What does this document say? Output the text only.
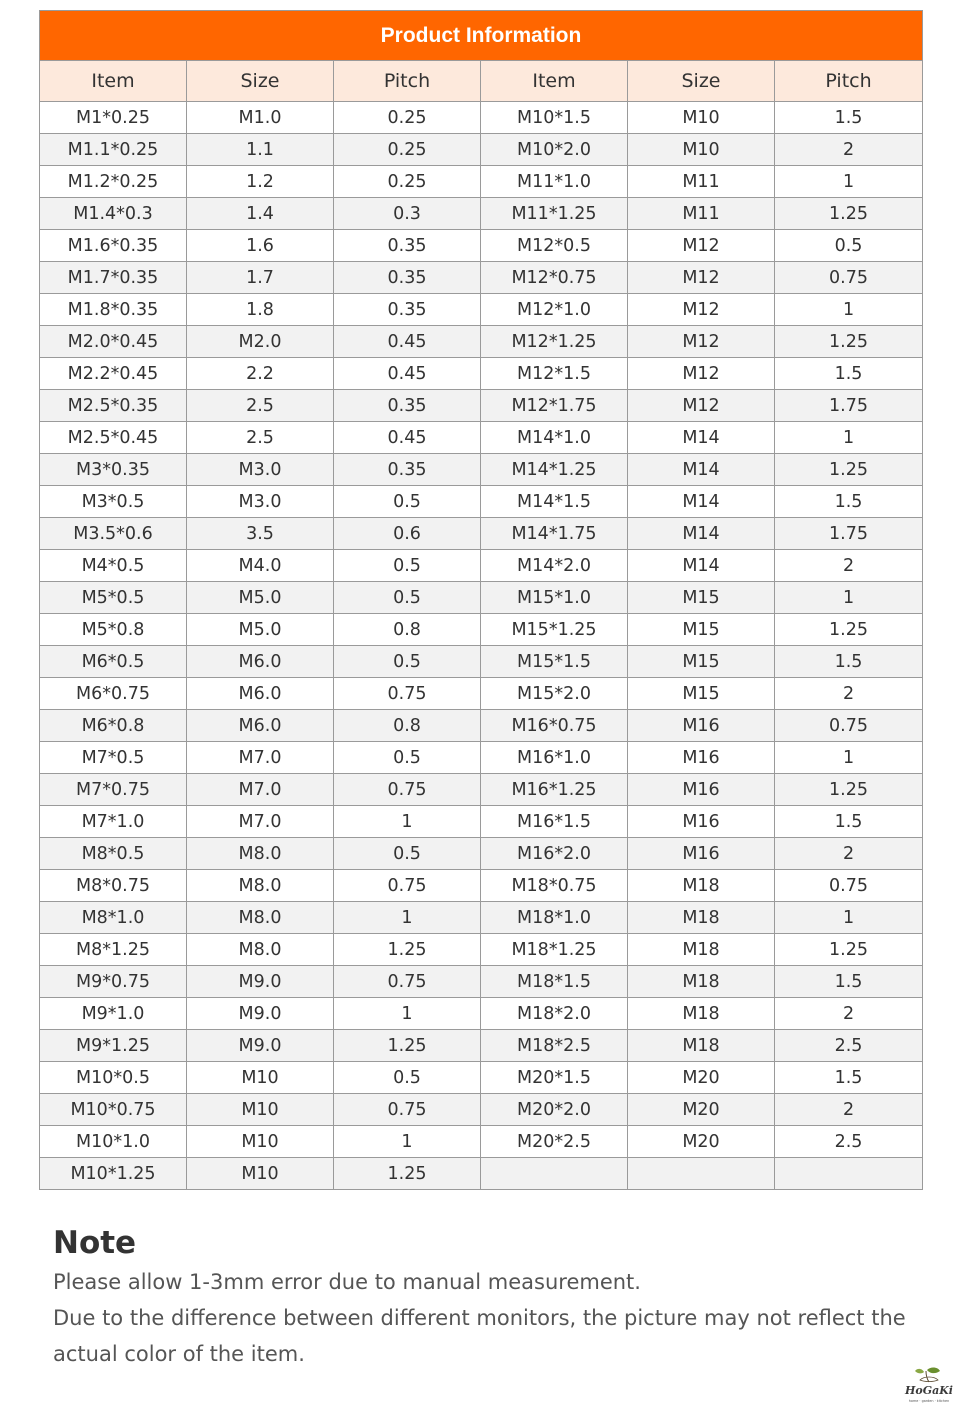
Product Information					
Item	Size	Pitch	Item	Size	Pitch
M1*0.25	M1.0	0.25	M10*1.5	M10	1.5
M1.1*0.25	1.1	0.25	M10*2.0	M10	2
M1.2*0.25	1.2	0.25	M11*1.0	M11	1
M1.4*0.3	1.4	0.3	M11*1.25	M11	1.25
M1.6*0.35	1.6	0.35	M12*0.5	M12	0.5
M1.7*0.35	1.7	0.35	M12*0.75	M12	0.75
M1.8*0.35	1.8	0.35	M12*1.0	M12	1
M2.0*0.45	M2.0	0.45	M12*1.25	M12	1.25
M2.2*0.45	2.2	0.45	M12*1.5	M12	1.5
M2.5*0.35	2.5	0.35	M12*1.75	M12	1.75
M2.5*0.45	2.5	0.45	M14*1.0	M14	1
M3*0.35	M3.0	0.35	M14*1.25	M14	1.25
M3*0.5	M3.0	0.5	M14*1.5	M14	1.5
M3.5*0.6	3.5	0.6	M14*1.75	M14	1.75
M4*0.5	M4.0	0.5	M14*2.0	M14	2
M5*0.5	M5.0	0.5	M15*1.0	M15	1
M5*0.8	M5.0	0.8	M15*1.25	M15	1.25
M6*0.5	M6.0	0.5	M15*1.5	M15	1.5
M6*0.75	M6.0	0.75	M15*2.0	M15	2
M6*0.8	M6.0	0.8	M16*0.75	M16	0.75
M7*0.5	M7.0	0.5	M16*1.0	M16	1
M7*0.75	M7.0	0.75	M16*1.25	M16	1.25
M7*1.0	M7.0	1	M16*1.5	M16	1.5
M8*0.5	M8.0	0.5	M16*2.0	M16	2
M8*0.75	M8.0	0.75	M18*0.75	M18	0.75
M8*1.0	M8.0	1	M18*1.0	M18	1
M8*1.25	M8.0	1.25	M18*1.25	M18	1.25
M9*0.75	M9.0	0.75	M18*1.5	M18	1.5
M9*1.0	M9.0	1	M18*2.0	M18	2
M9*1.25	M9.0	1.25	M18*2.5	M18	2.5
M10*0.5	M10	0.5	M20*1.5	M20	1.5
M10*0.75	M10	0.75	M20*2.0	M20	2
M10*1.0	M10	1	M20*2.5	M20	2.5
M10*1.25	M10	1.25			

Note

Please allow 1-3mm error due to manual measurement.

Due to the difference between different monitors, the picture may not reflect the

actual color of the item.

HoGaKi
home · garden · kitchen
